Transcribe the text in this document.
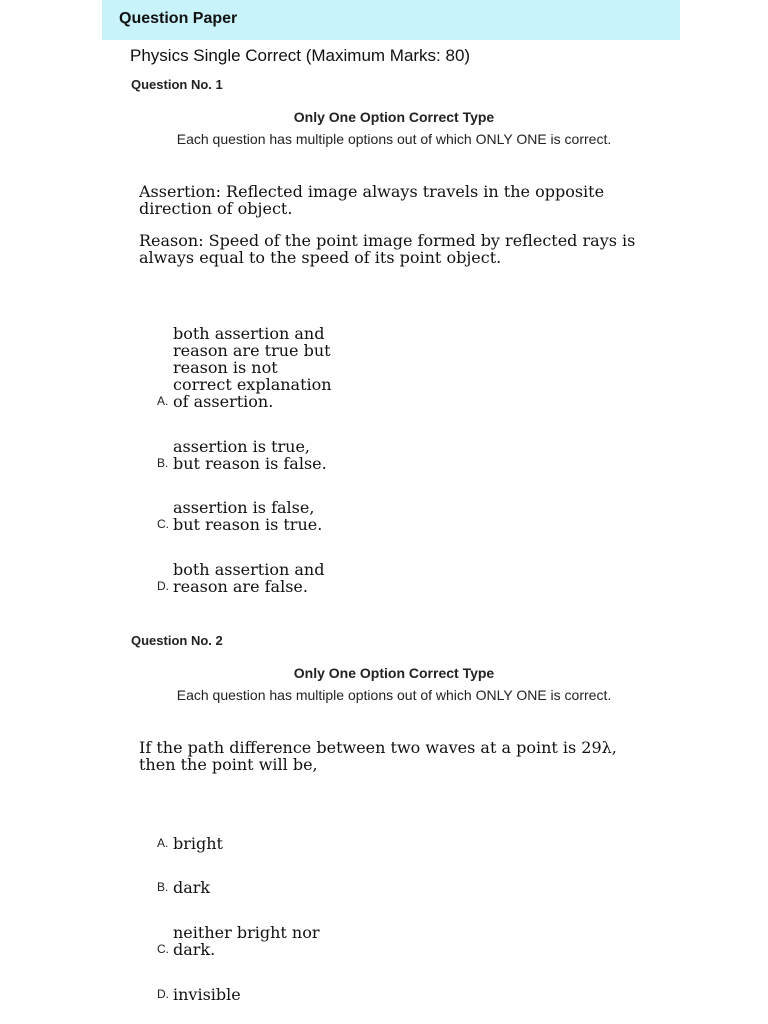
Question Paper
Physics Single Correct (Maximum Marks: 80)
Question No. 1
Only One Option Correct Type
Each question has multiple options out of which ONLY ONE is correct.

Assertion: Reflected image always travels in the opposite direction of object.

Reason: Speed of the point image formed by reflected rays is always equal to the speed of its point object.

A.
both assertion and reason are true but reason is not correct explanation of assertion.
B.
assertion is true, but reason is false.
C.
assertion is false, but reason is true.
D.
both assertion and reason are false.
Question No. 2
Only One Option Correct Type
Each question has multiple options out of which ONLY ONE is correct.

If the path difference between two waves at a point is 29λ, then the point will be,

A. bright
B. dark
C.
neither bright nor dark.
D. invisible
